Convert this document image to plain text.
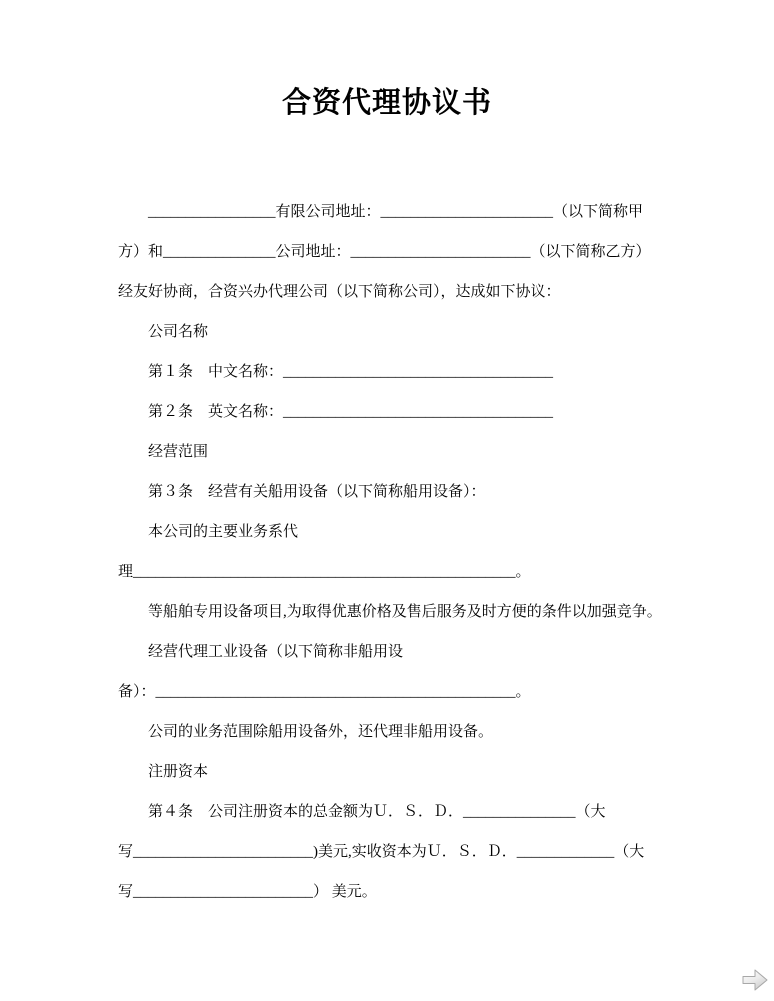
合资代理协议书
_________________有限公司地址：_______________________（以下简称甲
方）和_______________公司地址：________________________（以下简称乙方）
经友好协商，合资兴办代理公司（以下简称公司），达成如下协议：
公司名称
第１条　中文名称：____________________________________
第２条　英文名称：____________________________________
经营范围
第３条　经营有关船用设备（以下简称船用设备）：
本公司的主要业务系代
理___________________________________________________。
等船舶专用设备项目,为取得优惠价格及售后服务及时方便的条件以加强竞争。
经营代理工业设备（以下简称非船用设
备）：________________________________________________。
公司的业务范围除船用设备外，还代理非船用设备。
注册资本
第４条　公司注册资本的总金额为Ｕ．Ｓ．Ｄ．_______________（大
写________________________)美元,实收资本为Ｕ．Ｓ．Ｄ．_____________（大
写________________________） 美元。
